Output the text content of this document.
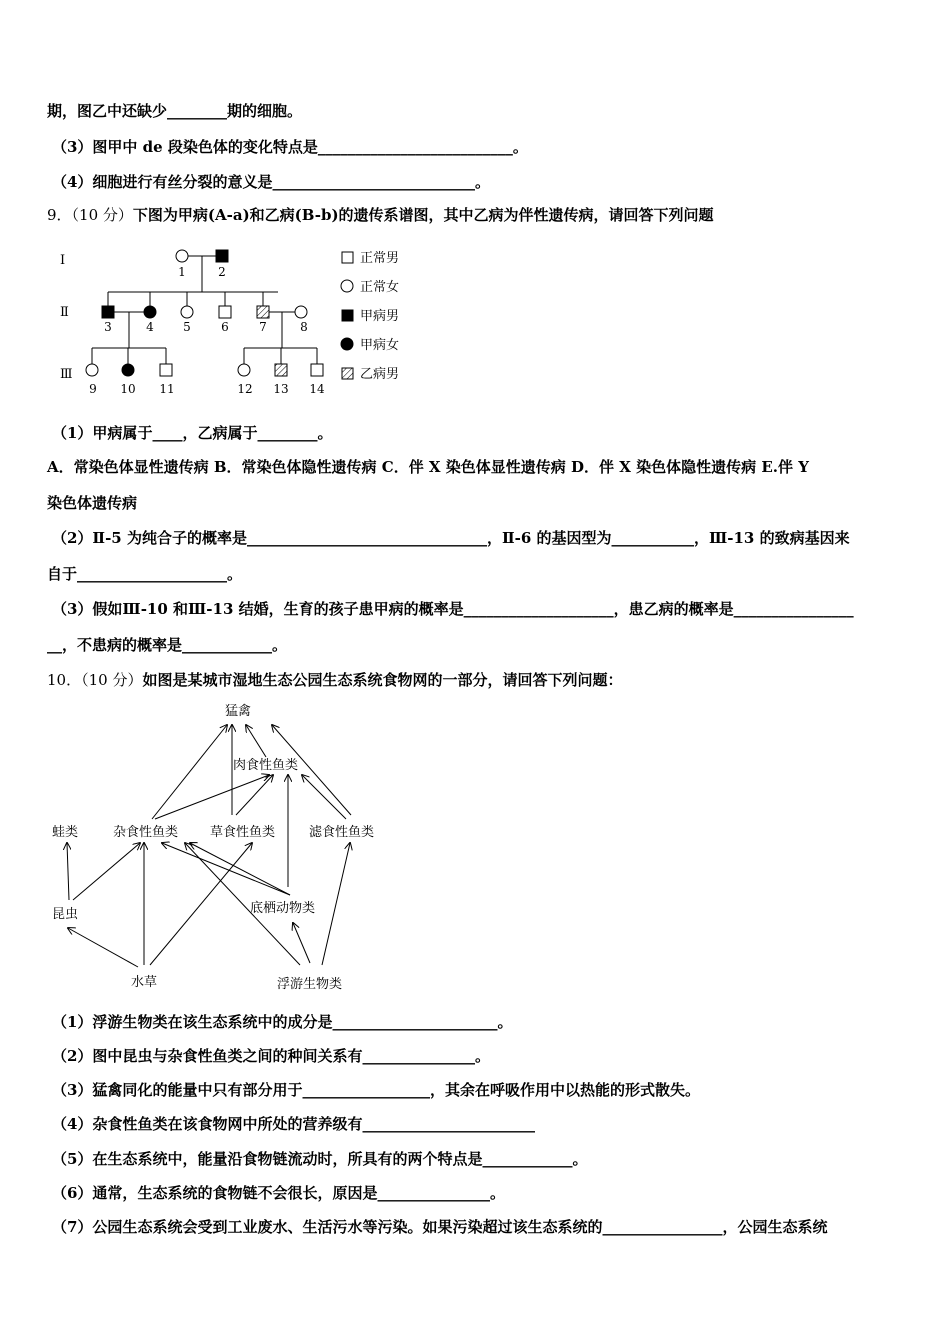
期，图乙中还缺少________期的细胞。
（3）图甲中 de 段染色体的变化特点是__________________________。
（4）细胞进行有丝分裂的意义是___________________________。
9．（10 分）下图为甲病(A-a)和乙病(B-b)的遗传系谱图，其中乙病为伴性遗传病，请回答下列问题
Ⅰ
Ⅱ
Ⅲ
1	2
3	4 5	6	7	8
9 10 11	12 13 14
正常男
正常女
甲病男
甲病女
乙病男
（1）甲病属于____，乙病属于________。
A．常染色体显性遗传病 B．常染色体隐性遗传病 C．伴 X 染色体显性遗传病 D．伴 X 染色体隐性遗传病 E.伴 Y
染色体遗传病
（2）Ⅱ-5 为纯合子的概率是________________________________，Ⅱ-6 的基因型为___________，Ⅲ-13 的致病基因来
自于____________________。
（3）假如Ⅲ-10 和Ⅲ-13 结婚，生育的孩子患甲病的概率是____________________，患乙病的概率是________________
__，不患病的概率是____________。
10．（10 分）如图是某城市湿地生态公园生态系统食物网的一部分，请回答下列问题：
猛禽
肉食性鱼类
蛙类	杂食性鱼类 草食性鱼类	滤食性鱼类
底栖动物类
昆虫
水草	浮游生物类
（1）浮游生物类在该生态系统中的成分是______________________。
（2）图中昆虫与杂食性鱼类之间的种间关系有_______________。
（3）猛禽同化的能量中只有部分用于_________________，其余在呼吸作用中以热能的形式散失。
（4）杂食性鱼类在该食物网中所处的营养级有_______________________
（5）在生态系统中，能量沿食物链流动时，所具有的两个特点是____________。
（6）通常，生态系统的食物链不会很长，原因是_______________。
（7）公园生态系统会受到工业废水、生活污水等污染。如果污染超过该生态系统的________________，公园生态系统
